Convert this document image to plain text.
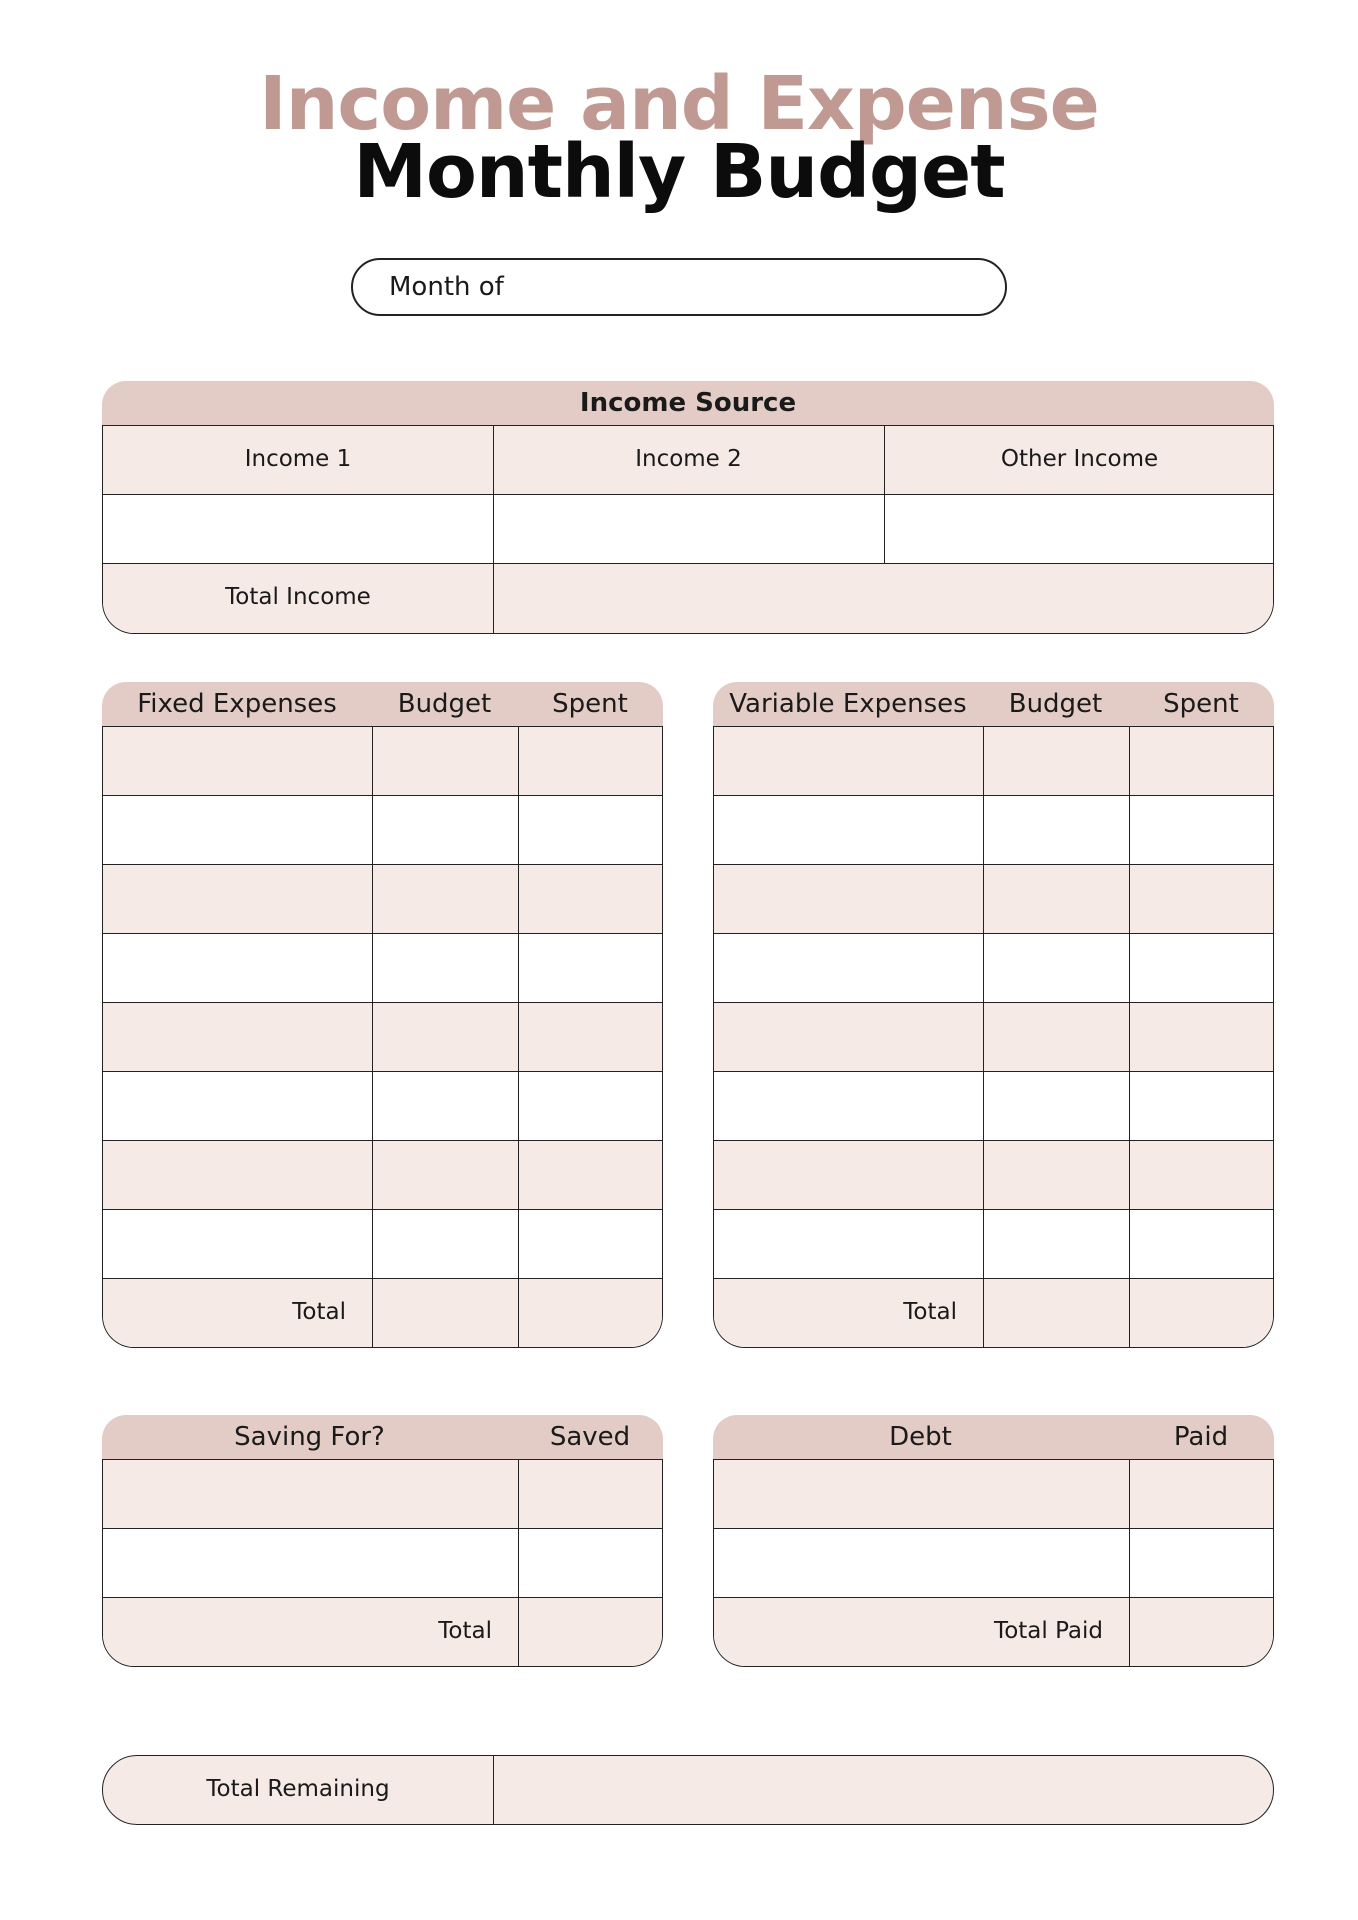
Income and Expense
Monthly Budget
Month of
Income Source
Income 1	Income 2	Other Income
Total Income
Fixed Expenses	Budget	Spent
Total
Variable Expenses	Budget	Spent
Total
Saving For?	Saved
Total
Debt	Paid
Total Paid
Total Remaining
